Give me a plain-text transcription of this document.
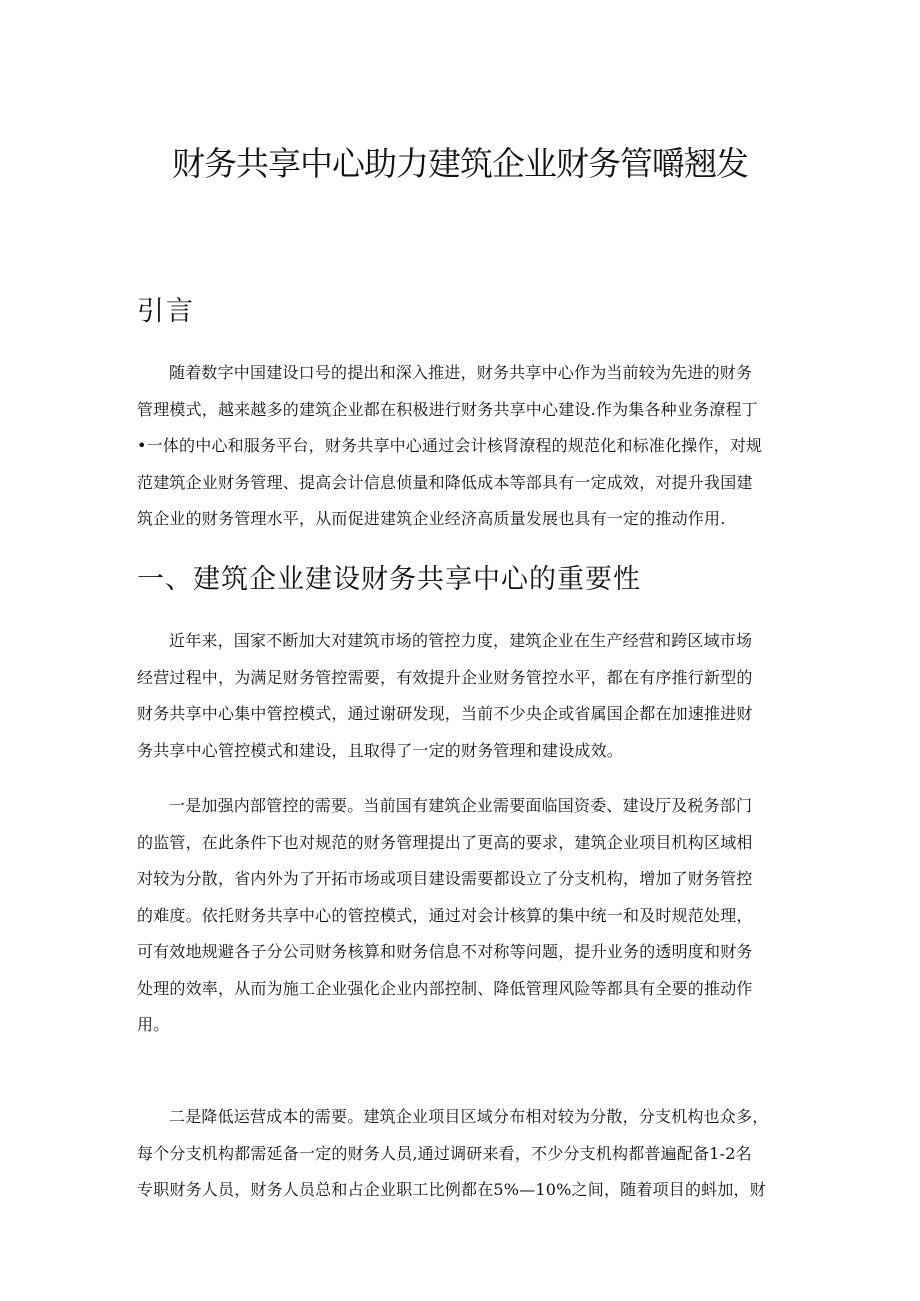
财务共享中心助力建筑企业财务管嚼翘发
引言

随着数字中国建设口号的提出和深入推进，财务共享中心作为当前较为先进的财务
管理模式，越来越多的建筑企业都在积极进行财务共享中心建设.作为集各种业务潦程丁
•一体的中心和服务平台，财务共享中心通过会计核肾潦程的规范化和标准化操作，对规
范建筑企业财务管理、提高会计信息侦量和降低成本等部具有一定成效，对提升我国建
筑企业的财务管理水平，从而促进建筑企业经济高质量发展也具有一定的推动作用.

一、建筑企业建设财务共享中心的重要性

近年来，国家不断加大对建筑市场的管控力度，建筑企业在生产经营和跨区域市场
经营过程中，为满足财务管控需要，有效提升企业财务管控水平，都在有序推行新型的
财务共享中心集中管控模式，通过谢研发现，当前不少央企或省属国企都在加速推进财
务共享中心管控模式和建设，且取得了一定的财务管理和建设成效。

一是加强内部管控的需要。当前国有建筑企业需要面临国资委、建设厅及税务部门
的监管，在此条件下也对规范的财务管理提出了更高的要求，建筑企业项目机构区域相
对较为分散，省内外为了开拓市场或项目建设需要都设立了分支机构，增加了财务管控
的难度。依托财务共享中心的管控模式，通过对会计核算的集中统一和及时规范处理，
可有效地规避各子分公司财务核算和财务信息不对称等问题，提升业务的透明度和财务
处理的效率，从而为施工企业强化企业内部控制、降低管理风险等都具有全要的推动作
用。

二是降低运营成本的需要。建筑企业项目区域分布相对较为分散，分支机构也众多，
每个分支机构都需延备一定的财务人员,通过调研来看，不少分支机构都普遍配备1-2名
专职财务人员，财务人员总和占企业职工比例都在5%—10%之间，随着项目的蚪加，财
